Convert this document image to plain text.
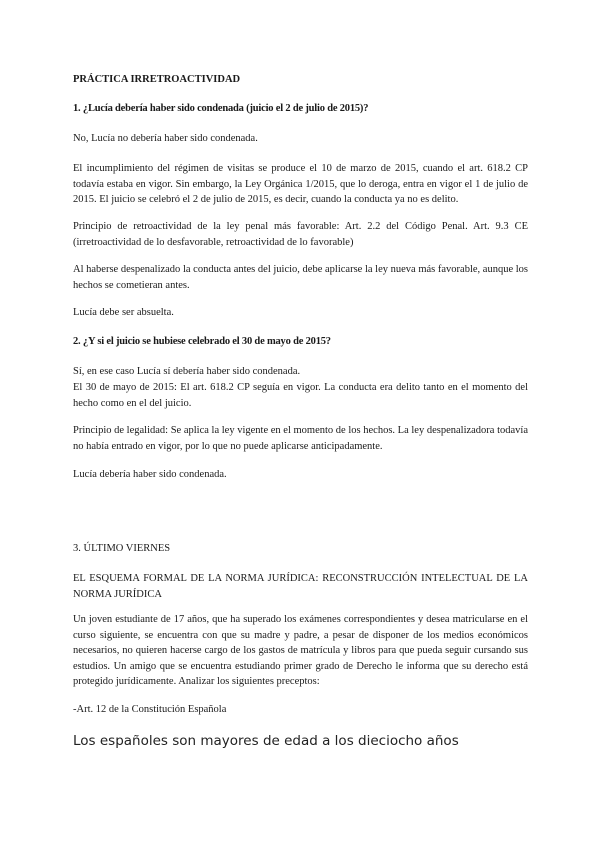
PRÁCTICA IRRETROACTIVIDAD

1. ¿Lucía debería haber sido condenada (juicio el 2 de julio de 2015)?

No, Lucía no debería haber sido condenada.

El incumplimiento del régimen de visitas se produce el 10 de marzo de 2015, cuando el art. 618.2 CP todavía estaba en vigor. Sin embargo, la Ley Orgánica 1/2015, que lo deroga, entra en vigor el 1 de julio de 2015. El juicio se celebró el 2 de julio de 2015, es decir, cuando la conducta ya no es delito.

Principio de retroactividad de la ley penal más favorable: Art. 2.2 del Código Penal. Art. 9.3 CE (irretroactividad de lo desfavorable, retroactividad de lo favorable)

Al haberse despenalizado la conducta antes del juicio, debe aplicarse la ley nueva más favorable, aunque los hechos se cometieran antes.

Lucía debe ser absuelta.

2. ¿Y si el juicio se hubiese celebrado el 30 de mayo de 2015?

Sí, en ese caso Lucía sí debería haber sido condenada.

El 30 de mayo de 2015: El art. 618.2 CP seguía en vigor. La conducta era delito tanto en el momento del hecho como en el del juicio.

Principio de legalidad: Se aplica la ley vigente en el momento de los hechos. La ley despenalizadora todavía no había entrado en vigor, por lo que no puede aplicarse anticipadamente.

Lucía debería haber sido condenada.

3. ÚLTIMO VIERNES

EL ESQUEMA FORMAL DE LA NORMA JURÍDICA: RECONSTRUCCIÓN INTELECTUAL DE LA NORMA JURÍDICA

Un joven estudiante de 17 años, que ha superado los exámenes correspondientes y desea matricularse en el curso siguiente, se encuentra con que su madre y padre, a pesar de disponer de los medios económicos necesarios, no quieren hacerse cargo de los gastos de matrícula y libros para que pueda seguir cursando sus estudios. Un amigo que se encuentra estudiando primer grado de Derecho le informa que su derecho está protegido jurídicamente. Analizar los siguientes preceptos:

-Art. 12 de la Constitución Española

Los españoles son mayores de edad a los dieciocho años
